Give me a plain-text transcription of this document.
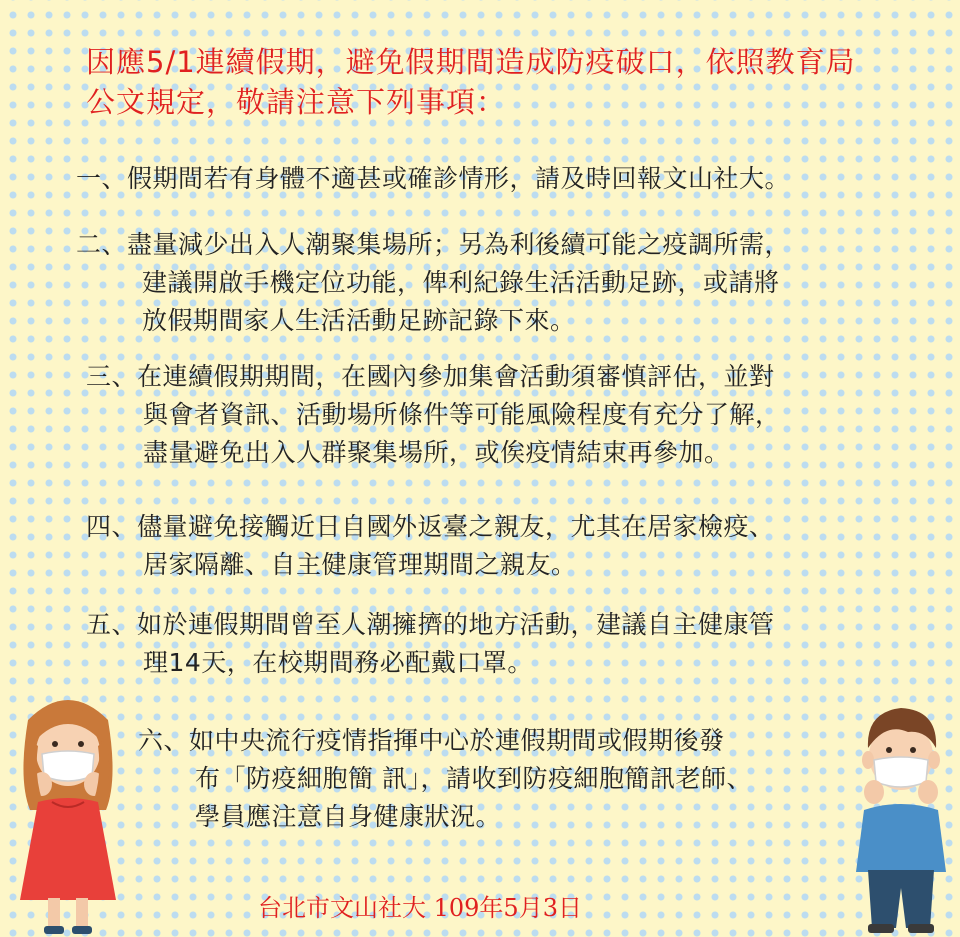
因應5/1連續假期，避免假期間造成防疫破口，依照教育局
公文規定，敬請注意下列事項：
一、假期間若有身體不適甚或確診情形，請及時回報文山社大。
二、盡量減少出入人潮聚集場所；另為利後續可能之疫調所需，
建議開啟手機定位功能，俾利紀錄生活活動足跡，或請將
放假期間家人生活活動足跡記錄下來。
三、在連續假期期間，在國內參加集會活動須審慎評估，並對
與會者資訊、活動場所條件等可能風險程度有充分了解，
盡量避免出入人群聚集場所，或俟疫情結束再參加。
四、儘量避免接觸近日自國外返臺之親友，尤其在居家檢疫、
居家隔離、自主健康管理期間之親友。
五、如於連假期間曾至人潮擁擠的地方活動，建議自主健康管
理14天，在校期間務必配戴口罩。
六、如中央流行疫情指揮中心於連假期間或假期後發
布「防疫細胞簡 訊」，請收到防疫細胞簡訊老師、
學員應注意自身健康狀況。
台北市文山社大 109年5月3日
